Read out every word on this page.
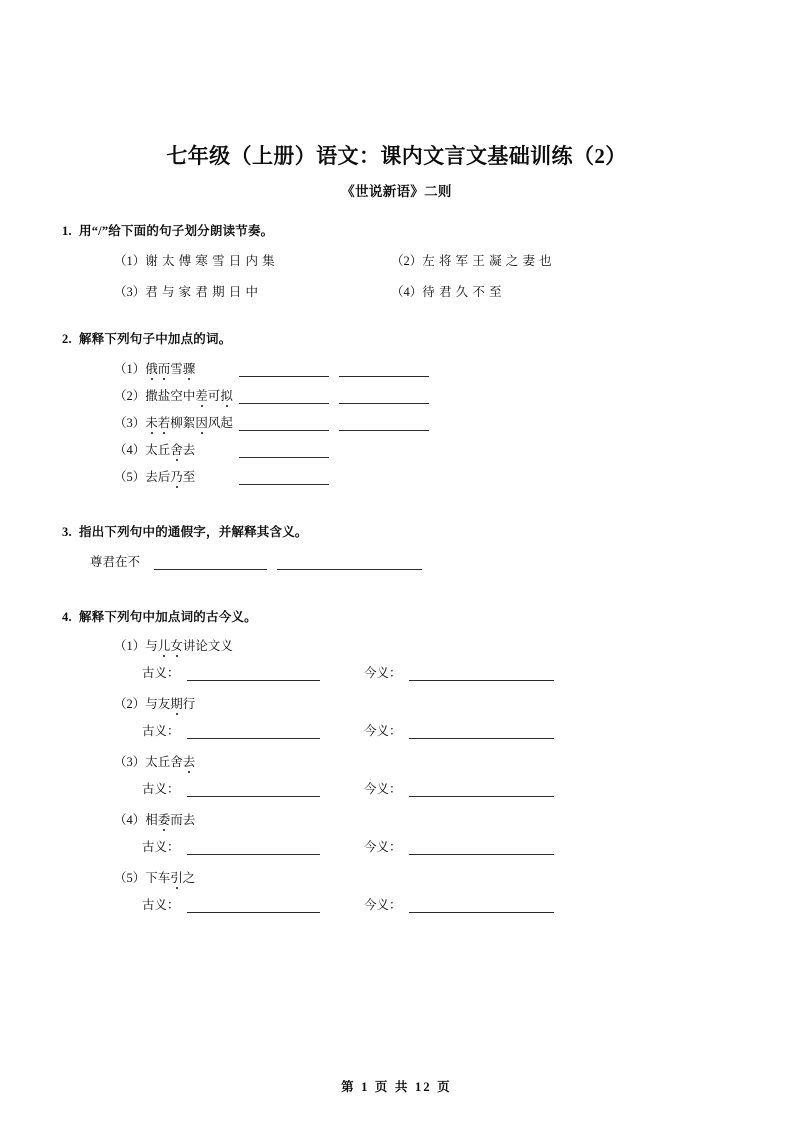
七年级（上册）语文：课内文言文基础训练（2）
《世说新语》二则
1. 用“/”给下面的句子划分朗读节奏。
（1）谢太傅寒雪日内集	（2）左将军王凝之妻也
（3）君与家君期日中	（4）待君久不至
2. 解释下列句子中加点的词。
（1）俄而雪骤
（2）撒盐空中差可拟
（3）未若柳絮因风起
（4）太丘舍去
（5）去后乃至
3. 指出下列句中的通假字，并解释其含义。
尊君在不
4. 解释下列句中加点词的古今义。
（1）与儿女讲论文义
古义：	今义：
（2）与友期行
古义：	今义：
（3）太丘舍去
古义：	今义：
（4）相委而去
古义：	今义：
（5）下车引之
古义：	今义：
第 1 页 共 12 页
